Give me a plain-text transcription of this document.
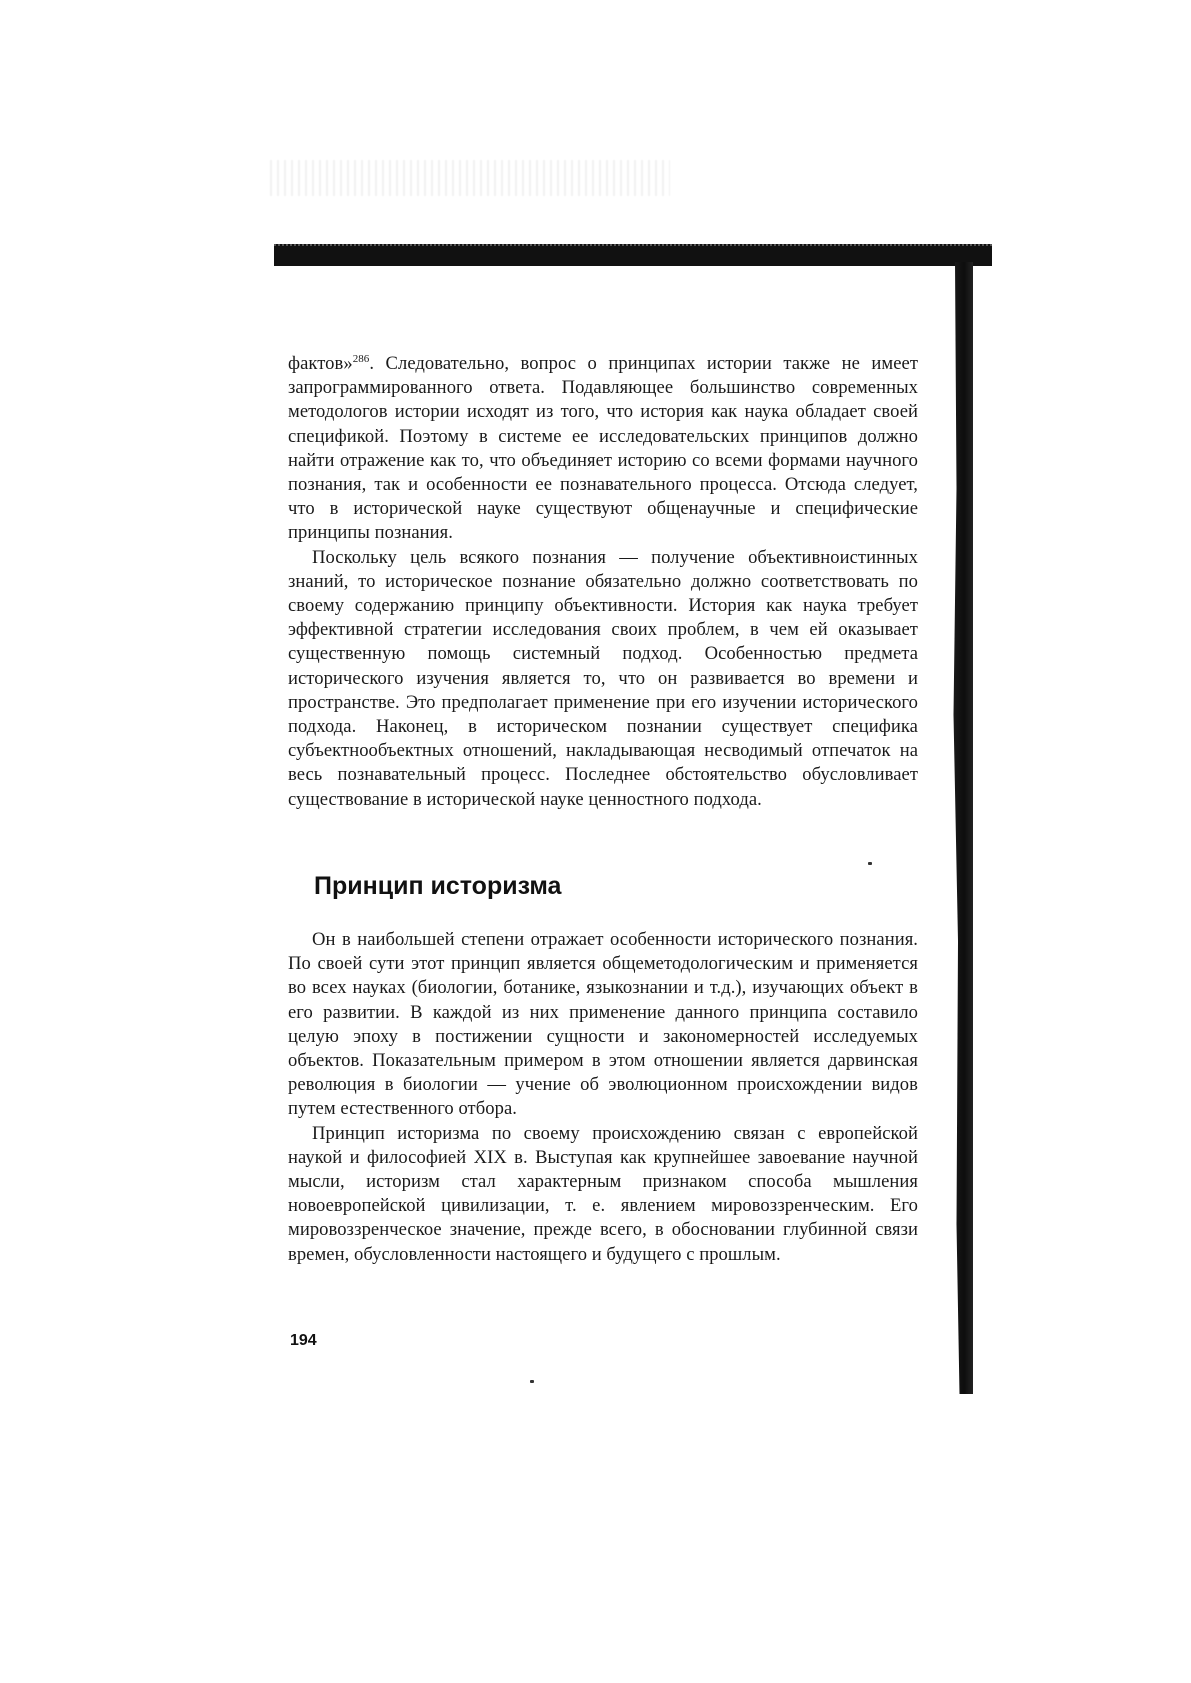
фактов»$^{286}$. Следовательно, вопрос о принципах истории также не имеет запрограммированного ответа. Подавляющее большинство современных методологов истории исходят из того, что история как наука обладает своей спецификой. Поэтому в системе ее исследовательских принципов должно найти отражение как то, что объединяет историю со всеми формами научного познания, так и особенности ее познавательного процесса. Отсюда следует, что в исторической науке существуют общенаучные и специфические принципы познания.

Поскольку цель всякого познания — получение объективноистинных знаний, то историческое познание обязательно должно соответствовать по своему содержанию принципу объективности. История как наука требует эффективной стратегии исследования своих проблем, в чем ей оказывает существенную помощь системный подход. Особенностью предмета исторического изучения является то, что он развивается во времени и пространстве. Это предполагает применение при его изучении исторического подхода. Наконец, в историческом познании существует специфика субъектнообъектных отношений, накладывающая несводимый отпечаток на весь познавательный процесс. Последнее обстоятельство обусловливает существование в исторической науке ценностного подхода.

Принцип историзма

Он в наибольшей степени отражает особенности исторического познания. По своей сути этот принцип является общеметодологическим и применяется во всех науках (биологии, ботанике, языкознании и т.д.), изучающих объект в его развитии. В каждой из них применение данного принципа составило целую эпоху в постижении сущности и закономерностей исследуемых объектов. Показательным примером в этом отношении является дарвинская революция в биологии — учение об эволюционном происхождении видов путем естественного отбора.

Принцип историзма по своему происхождению связан с европейской наукой и философией XIX в. Выступая как крупнейшее завоевание научной мысли, историзм стал характерным признаком способа мышления новоевропейской цивилизации, т. е. явлением мировоззренческим. Его мировоззренческое значение, прежде всего, в обосновании глубинной связи времен, обусловленности настоящего и будущего с прошлым.

194
